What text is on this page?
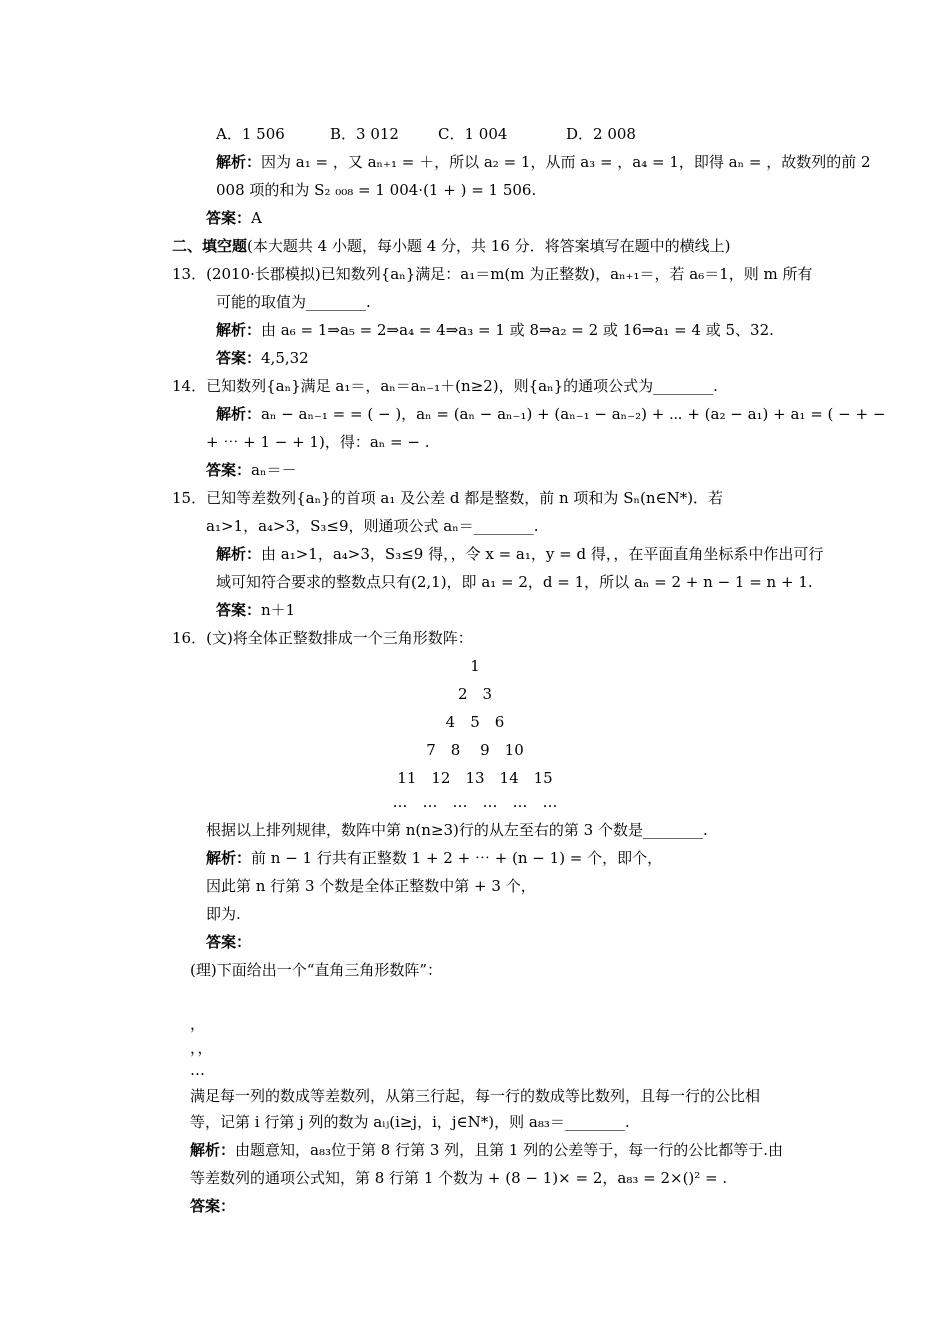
A．1 506	B．3 012	C．1 004	D．2 008
解析：因为 a₁ = ，又 aₙ₊₁ = ＋，所以 a₂ = 1，从而 a₃ = ，a₄ = 1，即得 aₙ = ，故数列的前 2
008 项的和为 S₂ ₀₀₈ = 1 004·(1 + ) = 1 506.
答案：A
二、填空题(本大题共 4 小题，每小题 4 分，共 16 分．将答案填写在题中的横线上)
13．(2010·长郡模拟)已知数列{aₙ}满足：a₁＝m(m 为正整数)，aₙ₊₁＝，若 a₆＝1，则 m 所有
可能的取值为________.
解析：由 a₆ = 1⇒a₅ = 2⇒a₄ = 4⇒a₃ = 1 或 8⇒a₂ = 2 或 16⇒a₁ = 4 或 5、32.
答案：4,5,32
14．已知数列{aₙ}满足 a₁＝，aₙ＝aₙ₋₁＋(n≥2)，则{aₙ}的通项公式为________.
解析：aₙ − aₙ₋₁ = = ( − )，aₙ = (aₙ − aₙ₋₁) + (aₙ₋₁ − aₙ₋₂) + ⋯ + (a₂ − a₁) + a₁ = ( − + −
+ ⋯ + 1 − + 1)，得：aₙ = − .
答案：aₙ＝－
15．已知等差数列{aₙ}的首项 a₁ 及公差 d 都是整数，前 n 项和为 Sₙ(n∈N*)．若
a₁>1，a₄>3，S₃≤9，则通项公式 aₙ＝________.
解析：由 a₁>1，a₄>3，S₃≤9 得，，令 x = a₁，y = d 得，，在平面直角坐标系中作出可行
域可知符合要求的整数点只有(2,1)，即 a₁ = 2，d = 1，所以 aₙ = 2 + n − 1 = n + 1.
答案：n＋1
16．(文)将全体正整数排成一个三角形数阵：
1
2　3
4　5　6
7　8　 9　10
11　12　13　14　15
…　…　…　…　…　…
根据以上排列规律，数阵中第 n(n≥3)行的从左至右的第 3 个数是________.
解析：前 n − 1 行共有正整数 1 + 2 + ⋯ + (n − 1) = 个，即个，
因此第 n 行第 3 个数是全体正整数中第 + 3 个，
即为.
答案：
(理)下面给出一个“直角三角形数阵”：
，
，，
…
满足每一列的数成等差数列，从第三行起，每一行的数成等比数列，且每一行的公比相
等，记第 i 行第 j 列的数为 aᵢⱼ(i≥j，i，j∈N*)，则 a₈₃＝________.
解析：由题意知，a₈₃位于第 8 行第 3 列，且第 1 列的公差等于，每一行的公比都等于.由
等差数列的通项公式知，第 8 行第 1 个数为 + (8 − 1)× = 2，a₈₃ = 2×()² = .
答案：
